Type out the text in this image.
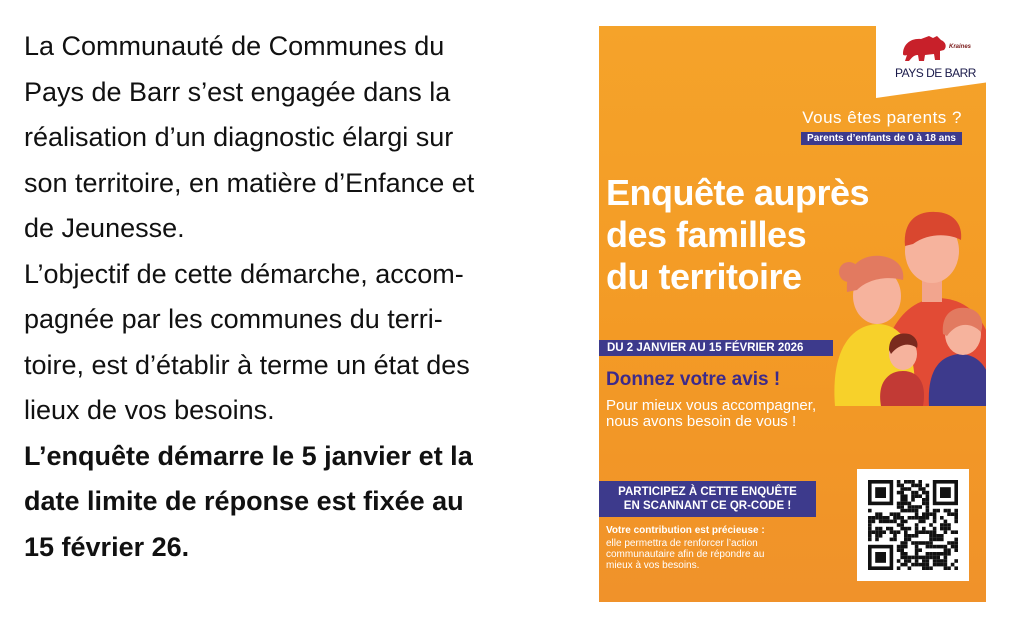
La Communauté de Communes du

Pays de Barr s’est engagée dans la

réalisation d’un diagnostic élargi sur

son territoire, en matière d’Enfance et

de Jeunesse.

L’objectif de cette démarche, accom-

pagnée par les communes du terri-

toire, est d’établir à terme un état des

lieux de vos besoins.

L’enquête démarre le 5 janvier et la

date limite de réponse est fixée au

15 février 26.

Kraines
PAYS DE BARR
Vous êtes parents ?
Parents d’enfants de 0 à 18 ans
Enquête auprès
des familles
du territoire
DU 2 JANVIER AU 15 FÉVRIER 2026
Donnez votre avis !
Pour mieux vous accompagner,
nous avons besoin de vous !
PARTICIPEZ À CETTE ENQUÊTE
EN SCANNANT CE QR-CODE !
Votre contribution est précieuse :
elle permettra de renforcer l’action
communautaire afin de répondre au
mieux à vos besoins.
